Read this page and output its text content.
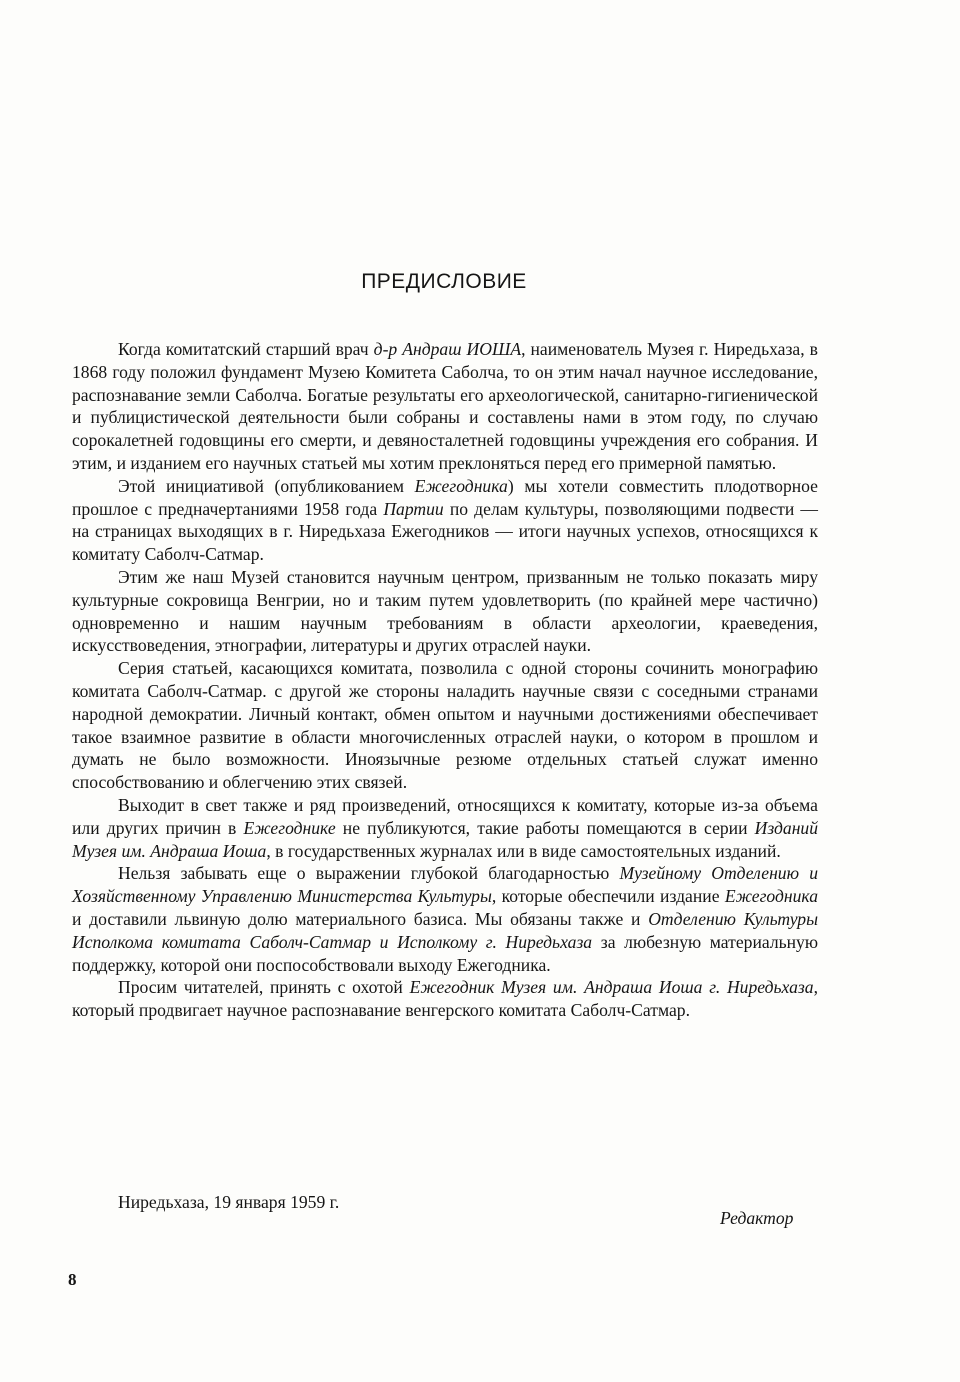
ПРЕДИСЛОВИЕ

Когда комитатский старший врач д-р Андраш ИОША, наименователь Музея г. Ниредьхаза, в 1868 году положил фундамент Музею Комитета Саболча, то он этим начал научное исследование, распознавание земли Саболча. Богатые результаты его археологической, санитарно-гигиенической и публицистической деятельности были собраны и составлены нами в этом году, по случаю сорокалетней годовщины его смерти, и девяносталетней годовщины учреждения его собрания. И этим, и изданием его научных статьей мы хотим преклоняться перед его примерной памятью.

Этой инициативой (опубликованием Ежегодника) мы хотели совместить плодотворное прошлое с предначертаниями 1958 года Партии по делам культуры, позволяющими подвести — на страницах выходящих в г. Ниредьхаза Ежегодников — итоги научных успехов, относящихся к комитату Саболч-Сатмар.

Этим же наш Музей становится научным центром, призванным не только показать миру культурные сокровища Венгрии, но и таким путем удовлетворить (по крайней мере частично) одновременно и нашим научным требованиям в области археологии, краеведения, искусствоведения, этнографии, литературы и других отраслей науки.

Серия статьей, касающихся комитата, позволила с одной стороны сочинить монографию комитата Саболч-Сатмар. с другой же стороны наладить научные связи с соседными странами народной демократии. Личный контакт, обмен опытом и научными достижениями обеспечивает такое взаимное развитие в области многочисленных отраслей науки, о котором в прошлом и думать не было возможности. Иноязычные резюме отдельных статьей служат именно способствованию и облегчению этих связей.

Выходит в свет также и ряд произведений, относящихся к комитату, которые из-за объема или других причин в Ежегоднике не публикуются, такие работы помещаются в серии Изданий Музея им. Андраша Иоша, в государственных журналах или в виде самостоятельных изданий.

Нельзя забывать еще о выражении глубокой благодарностью Музейному Отделению и Хозяйственному Управлению Министерства Культуры, которые обеспечили издание Ежегодника и доставили львиную долю материального базиса. Мы обязаны также и Отделению Культуры Исполкома комитата Саболч-Сатмар и Исполкому г. Ниредьхаза за любезную материальную поддержку, которой они поспособствовали выходу Ежегодника.

Просим читателей, принять с охотой Ежегодник Музея им. Андраша Иоша г. Ниредьхаза, который продвигает научное распознавание венгерского комитата Саболч-Сатмар.

Ниредьхаза, 19 января 1959 г.
Редактор
8
